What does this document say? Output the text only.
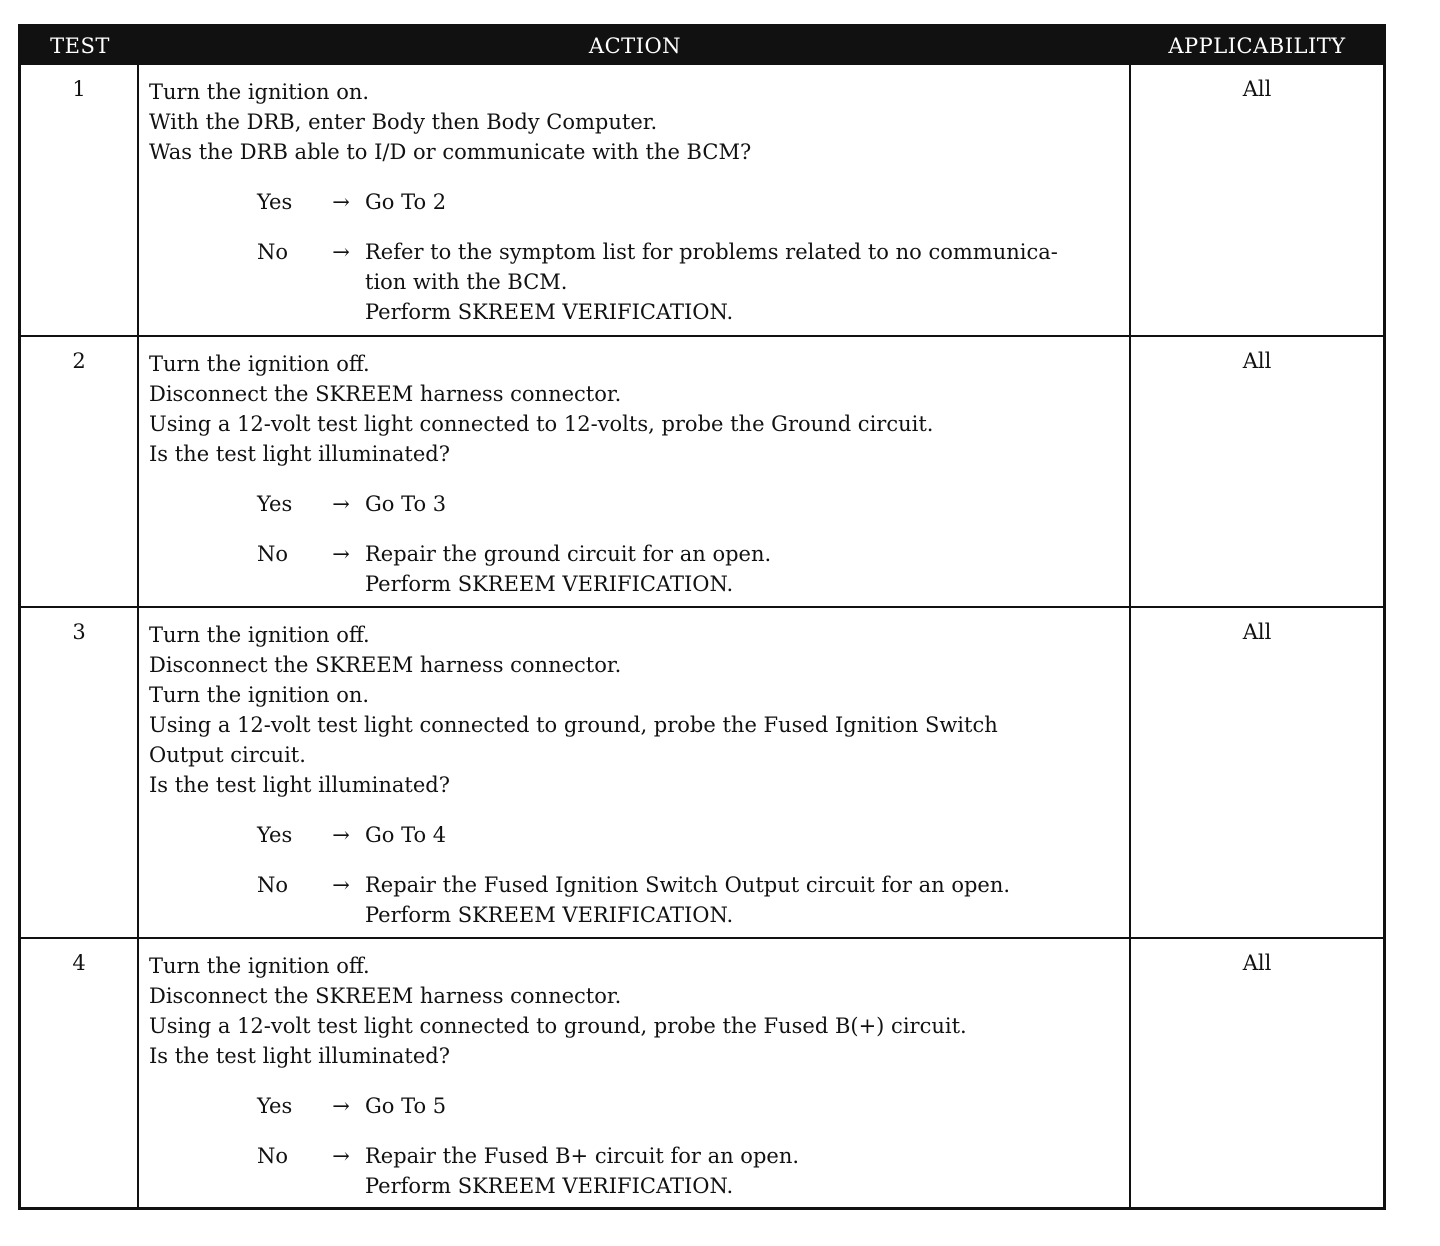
TEST	ACTION	APPLICABILITY
1	Turn the ignition on.
With the DRB, enter Body then Body Computer.
Was the DRB able to I/D or communicate with the BCM?
Yes	→ Go To 2
No	→ Refer to the symptom list for problems related to no communica-
tion with the BCM.
Perform SKREEM VERIFICATION.
All
2	Turn the ignition off.
Disconnect the SKREEM harness connector.
Using a 12-volt test light connected to 12-volts, probe the Ground circuit.
Is the test light illuminated?
Yes	→ Go To 3
No	→ Repair the ground circuit for an open.
Perform SKREEM VERIFICATION.
All
3	Turn the ignition off.
Disconnect the SKREEM harness connector.
Turn the ignition on.
Using a 12-volt test light connected to ground, probe the Fused Ignition Switch
Output circuit.
Is the test light illuminated?
Yes	→ Go To 4
No	→ Repair the Fused Ignition Switch Output circuit for an open.
Perform SKREEM VERIFICATION.
All
4	Turn the ignition off.
Disconnect the SKREEM harness connector.
Using a 12-volt test light connected to ground, probe the Fused B(+) circuit.
Is the test light illuminated?
Yes	→ Go To 5
No	→ Repair the Fused B+ circuit for an open.
Perform SKREEM VERIFICATION.
All
